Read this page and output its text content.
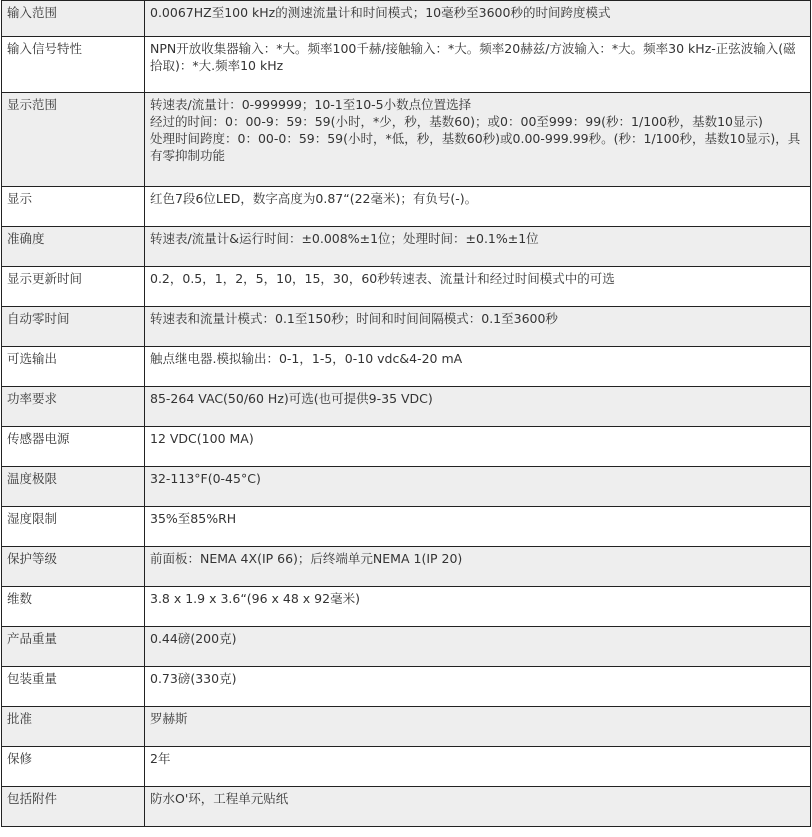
输入范围	0.0067HZ至100 kHz的测速流量计和时间模式；10毫秒至3600秒的时间跨度模式

输入信号特性	NPN开放收集器输入：*大。频率100千赫/接触输入：*大。频率20赫兹/方波输入：*大。频率30 kHz-正弦波输入(磁拾取)：*大.频率10 kHz

显示范围	转速表/流量计：0-999999；10-1至10-5小数点位置选择
经过的时间：0：00-9：59：59(小时，*少，秒，基数60)；或0：00至999：99(秒：1/100秒，基数10显示)
处理时间跨度：0：00-0：59：59(小时，*低，秒，基数60秒)或0.00-999.99秒。(秒：1/100秒，基数10显示)，具有零抑制功能

显示	红色7段6位LED，数字高度为0.87“(22毫米)；有负号(-)。

准确度	转速表/流量计&运行时间：±0.008%±1位；处理时间：±0.1%±1位

显示更新时间	0.2，0.5，1，2，5，10，15，30，60秒转速表、流量计和经过时间模式中的可选

自动零时间	转速表和流量计模式：0.1至150秒；时间和时间间隔模式：0.1至3600秒

可选输出	触点继电器.模拟输出：0-1，1-5，0-10 vdc&4-20 mA

功率要求	85-264 VAC(50/60 Hz)可选(也可提供9-35 VDC)

传感器电源	12 VDC(100 MA)

温度极限	32-113°F(0-45°C)

湿度限制	35%至85%RH

保护等级	前面板：NEMA 4X(IP 66)；后终端单元NEMA 1(IP 20)

维数	3.8 x 1.9 x 3.6“(96 x 48 x 92毫米)

产品重量	0.44磅(200克)

包装重量	0.73磅(330克)

批准	罗赫斯

保修	2年

包括附件	防水O'环，工程单元贴纸
